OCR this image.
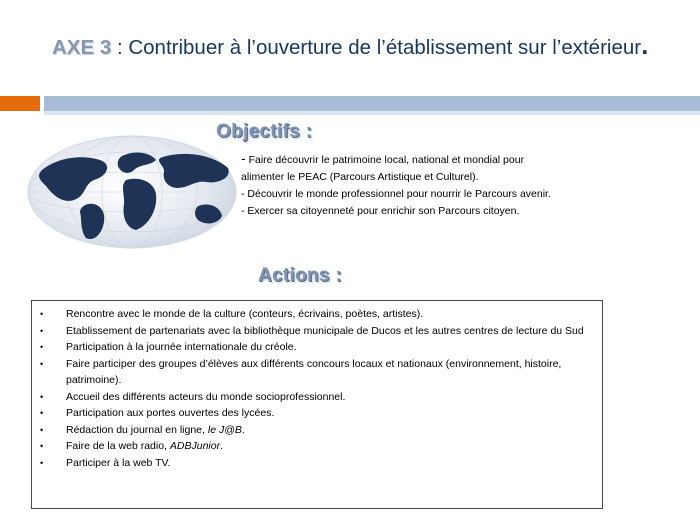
AXE 3 : Contribuer à l’ouverture de l’établissement sur l’extérieur.
Objectifs :

- Faire découvrir le patrimoine local, national et mondial pour

alimenter le PEAC (Parcours Artistique et Culturel).

- Découvrir le monde professionnel pour nourrir le Parcours avenir.

- Exercer sa citoyenneté pour enrichir son Parcours citoyen.

Actions :
• Rencontre avec le monde de la culture (conteurs, écrivains, poètes, artistes).
• Etablissement de partenariats avec la bibliothèque municipale de Ducos et les autres centres de lecture du Sud
• Participation à la journée internationale du créole.
• Faire participer des groupes d’élèves aux différents concours locaux et nationaux (environnement, histoire, patrimoine).
• Accueil des différents acteurs du monde socioprofessionnel.
• Participation aux portes ouvertes des lycées.
• Rédaction du journal en ligne, le J@B.
• Faire de la web radio, ADBJunior.
• Participer à la web TV.
